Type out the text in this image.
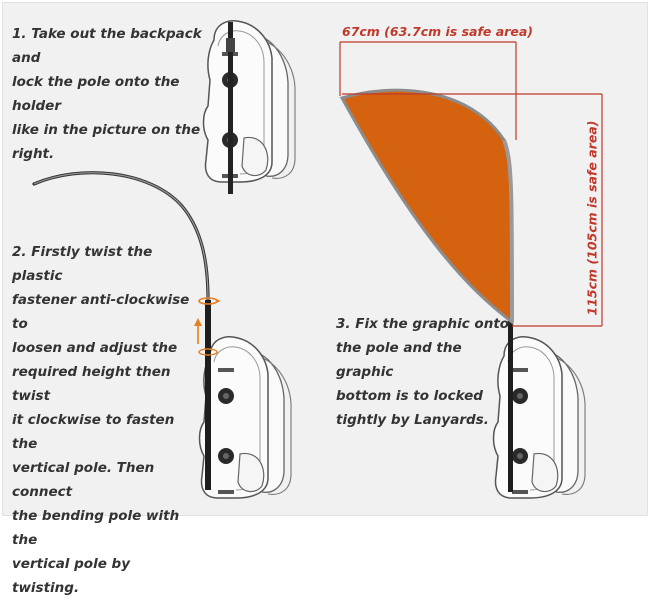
1. Take out the backpack and
lock the pole onto the holder
like in the picture on the
right.

2. Firstly twist the plastic
fastener anti-clockwise to
loosen and adjust the
required height then twist
it clockwise to fasten the
vertical pole. Then connect
the bending pole with the
vertical pole by twisting.

3. Fix the graphic onto
the pole and the graphic
bottom is to locked
tightly by Lanyards.

67cm (63.7cm is safe area)

115cm (105cm is safe area)
